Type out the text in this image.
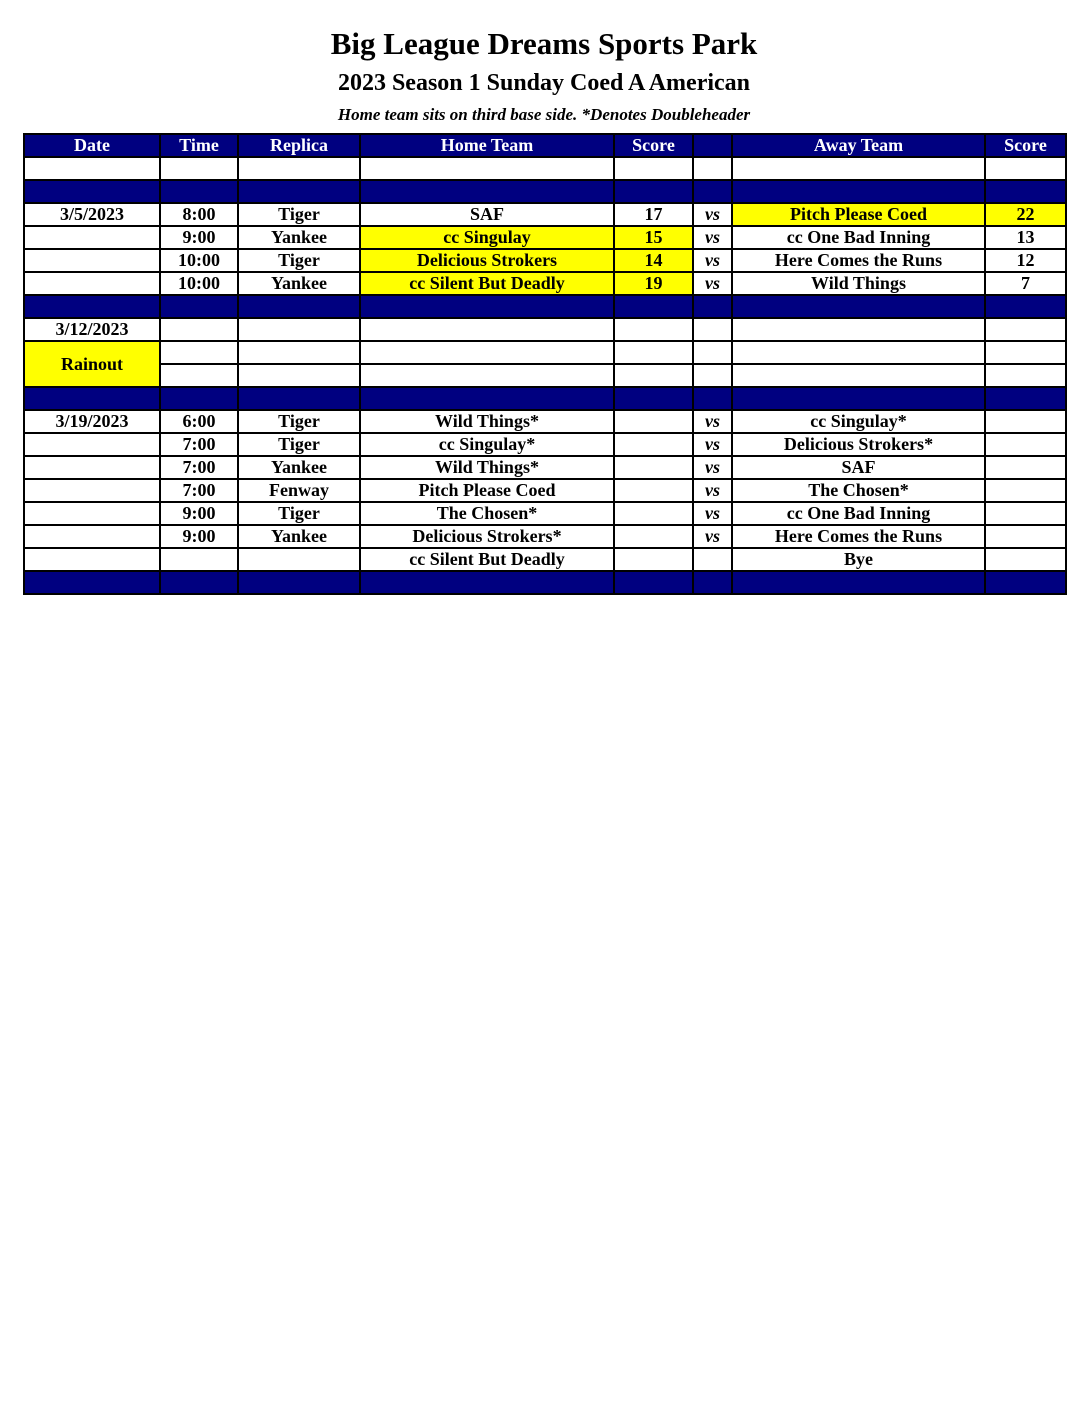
Big League Dreams Sports Park
2023 Season 1 Sunday Coed A American
Home team sits on third base side. *Denotes Doubleheader
Date	Time	Replica	Home Team	Score		Away Team	Score

3/5/2023	8:00	Tiger	SAF	17	vs	Pitch Please Coed	22
	9:00	Yankee	cc Singulay	15	vs	cc One Bad Inning	13
	10:00	Tiger	Delicious Strokers	14	vs	Here Comes the Runs	12
	10:00	Yankee	cc Silent But Deadly	19	vs	Wild Things	7

3/12/2023							
Rainout							

3/19/2023	6:00	Tiger	Wild Things*		vs	cc Singulay*	
	7:00	Tiger	cc Singulay*		vs	Delicious Strokers*	
	7:00	Yankee	Wild Things*		vs	SAF	
	7:00	Fenway	Pitch Please Coed		vs	The Chosen*	
	9:00	Tiger	The Chosen*		vs	cc One Bad Inning	
	9:00	Yankee	Delicious Strokers*		vs	Here Comes the Runs	
			cc Silent But Deadly			Bye	
